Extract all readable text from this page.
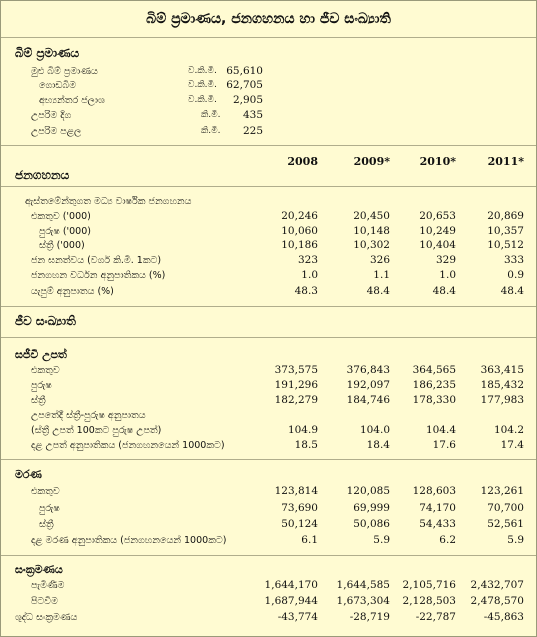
බිම් ප්‍රමාණය, ජනගහනය හා ජීව සංඛ්‍යාති
බිම් ප්‍රමාණය
මුළු බිම් ප්‍රමාණය	ව.කි.මී. 65,610
ගොඩබිම	ව.කි.මී. 62,705
අභ්‍යන්තර ජලාශ	ව.කි.මී. 2,905
උපරිම දිග	කි.මී. 435
උපරිම පළල	කි.මී. 225
2008	2009*	2010*	2011*
ජනගහනය
ඇස්තමේන්තුගත මධ්‍ය වාර්ෂික ජනගහනය
එකතුව ('000)	20,246	20,450	20,653	20,869
පුරුෂ ('000)	10,060	10,148	10,249	10,357
ස්ත්‍රී ('000)	10,186	10,302	10,404	10,512
ජන ඝනත්වය (වර්ග කි.මී. 1කට)	323	326	329	333
ජනගහන වර්ධන අනුපාතිකය (%)	1.0	1.1	1.0	0.9
යැපුම් අනුපාතය (%)	48.3	48.4	48.4	48.4
ජීව සංඛ්‍යාති
සජීවී උපත්
එකතුව	373,575	376,843 364,565 363,415
පුරුෂ	191,296	192,097 186,235 185,432
ස්ත්‍රී	182,279	184,746 178,330 177,983
උපතේදී ස්ත්‍රී-පුරුෂ අනුපාතය
(ස්ත්‍රී උපත් 100කට පුරුෂ උපත්)	104.9	104.0	104.4	104.2
දළ උපත් අනුපාතිකය (ජනගහනයෙන් 1000කට)	18.5	18.4	17.6	17.4
මරණ
එකතුව	123,814	120,085 128,603 123,261
පුරුෂ	73,690	69,999	74,170	70,700
ස්ත්‍රී	50,124	50,086	54,433	52,561
දළ මරණ අනුපාතිකය (ජනගහනයෙන් 1000කට)	6.1	5.9	6.2	5.9
සංක්‍රමණය
පැමිණීම	1,644,170 1,644,585 2,105,716 2,432,707
පිටවීම	1,687,944 1,673,304 2,128,503 2,478,570
ශුද්ධ සංක්‍රමණය	-43,774	-28,719 -22,787	-45,863
